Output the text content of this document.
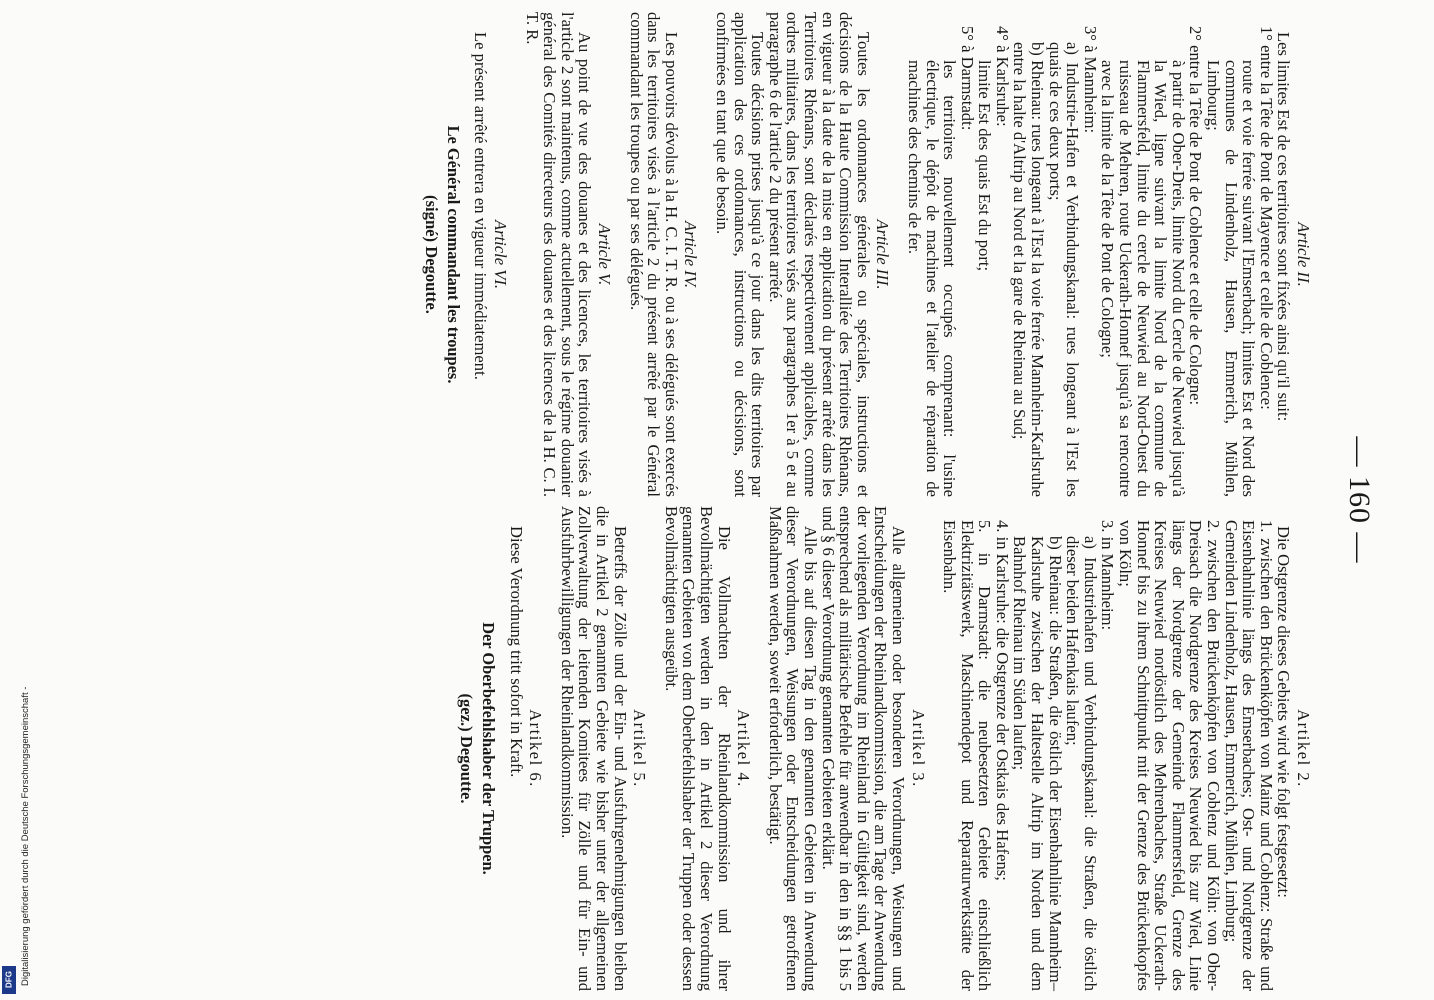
— 160 —

Article II.

Les limites Est de ces territoires sont fixées ainsi qu'il suit:

1° entre la Tête de Pont de Mayence et celle de Coblence:

route et voie ferrée suivant l'Emserbach; limites Est et Nord des communes de Lindenholz, Hausen, Emmerich, Mühlen, Limbourg;

2° entre la Tête de Pont de Coblence et celle de Cologne:

à partir de Ober-Dreis, limite Nord du Cercle de Neuwied jusqu'à la Wied, ligne suivant la limite Nord de la commune de Flammersfeld, limite du cercle de Neuwied au Nord-Ouest du ruisseau de Mehren, route Uckerath-Honnef jusqu'à sa rencontre avec la limite de la Tête de Pont de Cologne;

3° à Mannheim:

a) Industrie-Hafen et Verbindungskanal: rues longeant à l'Est les quais de ces deux ports;

b) Rheinau: rues longeant à l'Est la voie ferrée Mannheim-Karlsruhe entre la halte d'Altrip au Nord et la gare de Rheinau au Sud;

4° à Karlsruhe:

limite Est des quais Est du port;

5° à Darmstadt:

les territoires nouvellement occupés comprenant: l'usine électrique, le dépôt de machines et l'atelier de réparation de machines des chemins de fer.

Article III.

Toutes les ordonnances générales ou spéciales, instructions et décisions de la Haute Commission Interalliée des Territoires Rhénans, en vigueur à la date de la mise en application du présent arrêté dans les Territoires Rhénans, sont déclarés respectivement applicables, comme ordres militaires, dans les territoires visés aux paragraphes 1er à 5 et au paragraphe 6 de l'article 2 du présent arrêté.

Toutes décisions prises jusqu'à ce jour dans les dits territoires par application des ces ordonnances, instructions ou décisions, sont confirmées en tant que de besoin.

Article IV.

Les pouvoirs dévolus à la H. C. I. T. R. ou à ses délégués sont exercés dans les territoires visés à l'article 2 du présent arrêté par le Général commandant les troupes ou par ses délégués.

Article V.

Au point de vue des douanes et des licences, les territoires visés à l'article 2 sont maintenus, comme actuellement, sous le régime douanier général des Comités directeurs des douanes et des licences de la H. C. I. T. R.

Article VI.

Le présent arrêté entrera en vigueur immédiatement.

Le Général commandant les troupes.

(signé) Degoutte.

Artikel 2.

Die Ostgrenze dieses Gebiets wird wie folgt festgesetzt:

1. zwischen den Brückenköpfen von Mainz und Coblenz: Straße und Eisenbahnlinie längs des Emserbaches; Ost- und Nordgrenze der Gemeinden Lindenholz, Hausen, Emmerich, Mühlen, Limburg;

2. zwischen den Brückenköpfen von Coblenz und Köln: von Ober-Dreisach die Nordgrenze des Kreises Neuwied bis zur Wied, Linie längs der Nordgrenze der Gemeinde Flammersfeld, Grenze des Kreises Neuwied nordöstlich des Mehrenbaches, Straße Uckerath-Honnef bis zu ihrem Schnittpunkt mit der Grenze des Brückenkopfes von Köln;

3. in Mannheim:

a) Industriehafen und Verbindungskanal: die Straßen, die östlich dieser beiden Hafenkais laufen;

b) Rheinau: die Straßen, die östlich der Eisenbahnlinie Mannheim–Karlsruhe zwischen der Haltestelle Altrip im Norden und dem Bahnhof Rheinau im Süden laufen;

4. in Karlsruhe: die Ostgrenze der Ostkais des Hafens;

5. in Darmstadt: die neubesetzten Gebiete einschließlich Elektrizitätswerk, Maschinendepot und Reparaturwerkstätte der Eisenbahn.

Artikel 3.

Alle allgemeinen oder besonderen Verordnungen, Weisungen und Entscheidungen der Rheinlandkommission, die am Tage der Anwendung der vorliegenden Verordnung im Rheinland in Gültigkeit sind, werden entsprechend als militärische Befehle für anwendbar in den in §§ 1 bis 5 und § 6 dieser Verordnung genannten Gebieten erklärt.

Alle bis auf diesen Tag in den genannten Gebieten in Anwendung dieser Verordnungen, Weisungen oder Entscheidungen getroffenen Maßnahmen werden, soweit erforderlich, bestätigt.

Artikel 4.

Die Vollmachten der Rheinlandkommission und ihrer Bevollmächtigten werden in den in Artikel 2 dieser Verordnung genannten Gebieten von dem Oberbefehlshaber der Truppen oder dessen Bevollmächtigten ausgeübt.

Artikel 5.

Betreffs der Zölle und der Ein- und Ausfuhrgenehmigungen bleiben die in Artikel 2 genannten Gebiete wie bisher unter der allgemeinen Zollverwaltung der leitenden Komitees für Zölle und für Ein- und Ausfuhrbewilligungen der Rheinlandkommission.

Artikel 6.

Diese Verordnung tritt sofort in Kraft.

Der Oberbefehlshaber der Truppen.

(gez.) Degoutte.

Digitalisierung gefördert durch die Deutsche Forschungsgemeinschaft -
DFG
